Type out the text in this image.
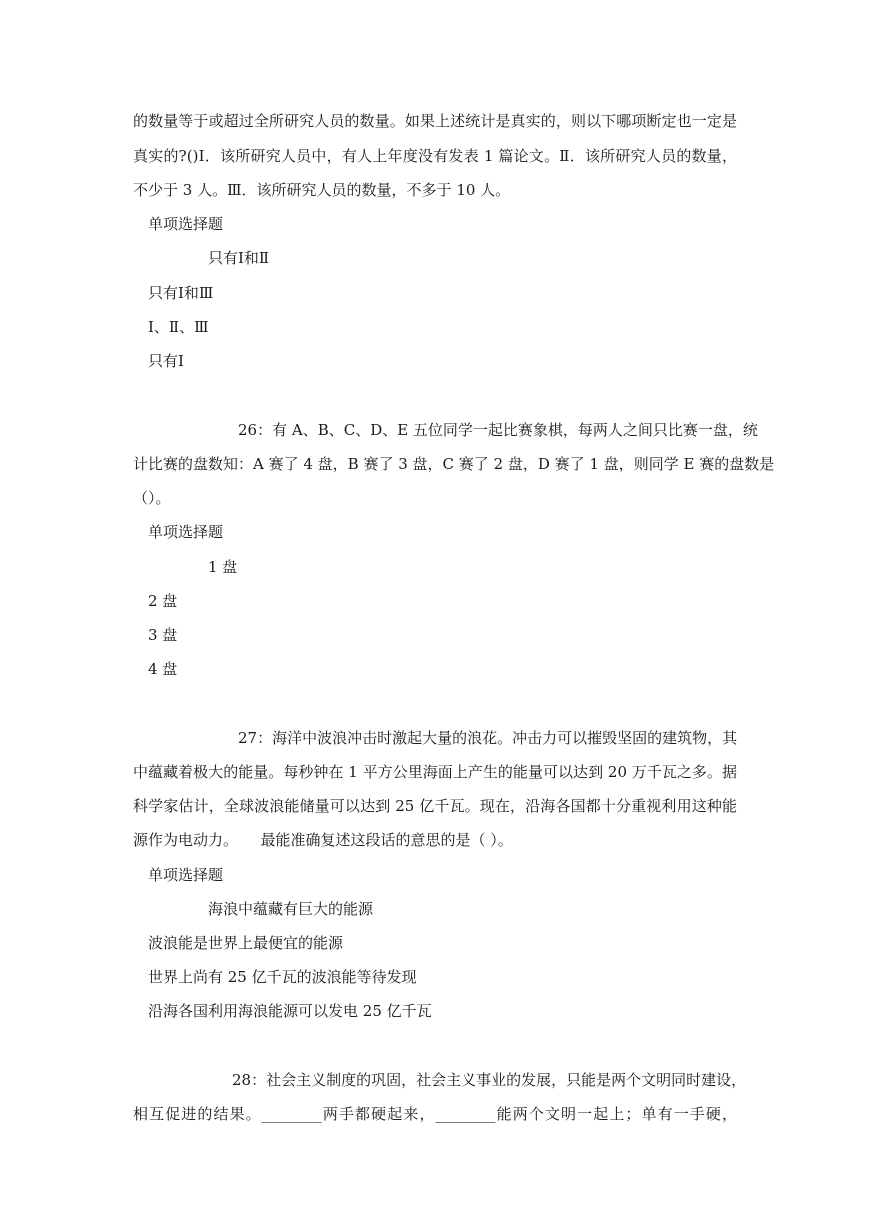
的数量等于或超过全所研究人员的数量。如果上述统计是真实的，则以下哪项断定也一定是
真实的?()Ⅰ．该所研究人员中，有人上年度没有发表 1 篇论文。Ⅱ．该所研究人员的数量，
不少于 3 人。Ⅲ．该所研究人员的数量，不多于 10 人。
单项选择题
只有Ⅰ和Ⅱ
只有Ⅰ和Ⅲ
Ⅰ、Ⅱ、Ⅲ
只有Ⅰ
26：有 A、B、C、D、E 五位同学一起比赛象棋，每两人之间只比赛一盘，统
计比赛的盘数知：A 赛了 4 盘，B 赛了 3 盘，C 赛了 2 盘，D 赛了 1 盘，则同学 E 赛的盘数是
（）。
单项选择题
1 盘
2 盘
3 盘
4 盘
27：海洋中波浪冲击时激起大量的浪花。冲击力可以摧毁坚固的建筑物，其
中蕴藏着极大的能量。每秒钟在 1 平方公里海面上产生的能量可以达到 20 万千瓦之多。据
科学家估计，全球波浪能储量可以达到 25 亿千瓦。现在，沿海各国都十分重视利用这种能
源作为电动力。　　最能准确复述这段话的意思的是（ ）。
单项选择题
海浪中蕴藏有巨大的能源
波浪能是世界上最便宜的能源
世界上尚有 25 亿千瓦的波浪能等待发现
沿海各国利用海浪能源可以发电 25 亿千瓦
28：社会主义制度的巩固，社会主义事业的发展，只能是两个文明同时建设，
相互促进的结果。________两手都硬起来，________能两个文明一起上；单有一手硬，
